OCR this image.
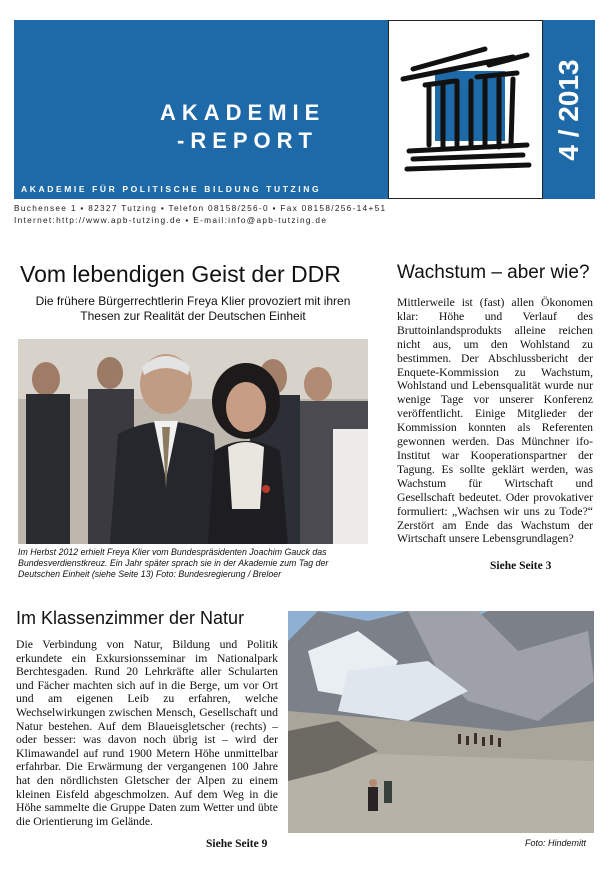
AKADEMIE
-REPORT
AKADEMIE FÜR POLITISCHE BILDUNG TUTZING
4 / 2013
Buchensee 1 ▪ 82327 Tutzing ▪ Telefon 08158/256-0 ▪ Fax 08158/256-14+51
Internet:http://www.apb-tutzing.de ▪ E-mail:info@apb-tutzing.de
Vom lebendigen Geist der DDR
Die frühere Bürgerrechtlerin Freya Klier provoziert mit ihren Thesen zur Realität der Deutschen Einheit
Im Herbst 2012 erhielt Freya Klier vom Bundespräsidenten Joachim Gauck das Bundesverdienstkreuz. Ein Jahr später sprach sie in der Akademie zum Tag der Deutschen Einheit (siehe Seite 13) Foto: Bundesregierung / Breloer
Wachstum – aber wie?
Mittlerweile ist (fast) allen Ökonomen klar: Höhe und Verlauf des Bruttoinlandsprodukts alleine reichen nicht aus, um den Wohlstand zu bestimmen. Der Abschlussbericht der Enquete-Kommission zu Wachstum, Wohlstand und Lebensqualität wurde nur wenige Tage vor unserer Konferenz veröffentlicht. Einige Mitglieder der Kommission konnten als Referenten gewonnen werden. Das Münchner ifo-Institut war Kooperationspartner der Tagung. Es sollte geklärt werden, was Wachstum für Wirtschaft und Gesellschaft bedeutet. Oder provokativer formuliert: „Wachsen wir uns zu Tode?“ Zerstört am Ende das Wachstum der Wirtschaft unsere Lebensgrundlagen?
Siehe Seite 3
Im Klassenzimmer der Natur
Die Verbindung von Natur, Bildung und Politik erkundete ein Exkursionsseminar im Nationalpark Berchtesgaden. Rund 20 Lehrkräfte aller Schularten und Fächer machten sich auf in die Berge, um vor Ort und am eigenen Leib zu erfahren, welche Wechselwirkungen zwischen Mensch, Gesellschaft und Natur bestehen. Auf dem Blaueisgletscher (rechts) – oder besser: was davon noch übrig ist – wird der Klimawandel auf rund 1900 Metern Höhe unmittelbar erfahrbar. Die Erwärmung der vergangenen 100 Jahre hat den nördlichsten Gletscher der Alpen zu einem kleinen Eisfeld abgeschmolzen. Auf dem Weg in die Höhe sammelte die Gruppe Daten zum Wetter und übte die Orientierung im Gelände.
Siehe Seite 9	Foto: Hindemitt
